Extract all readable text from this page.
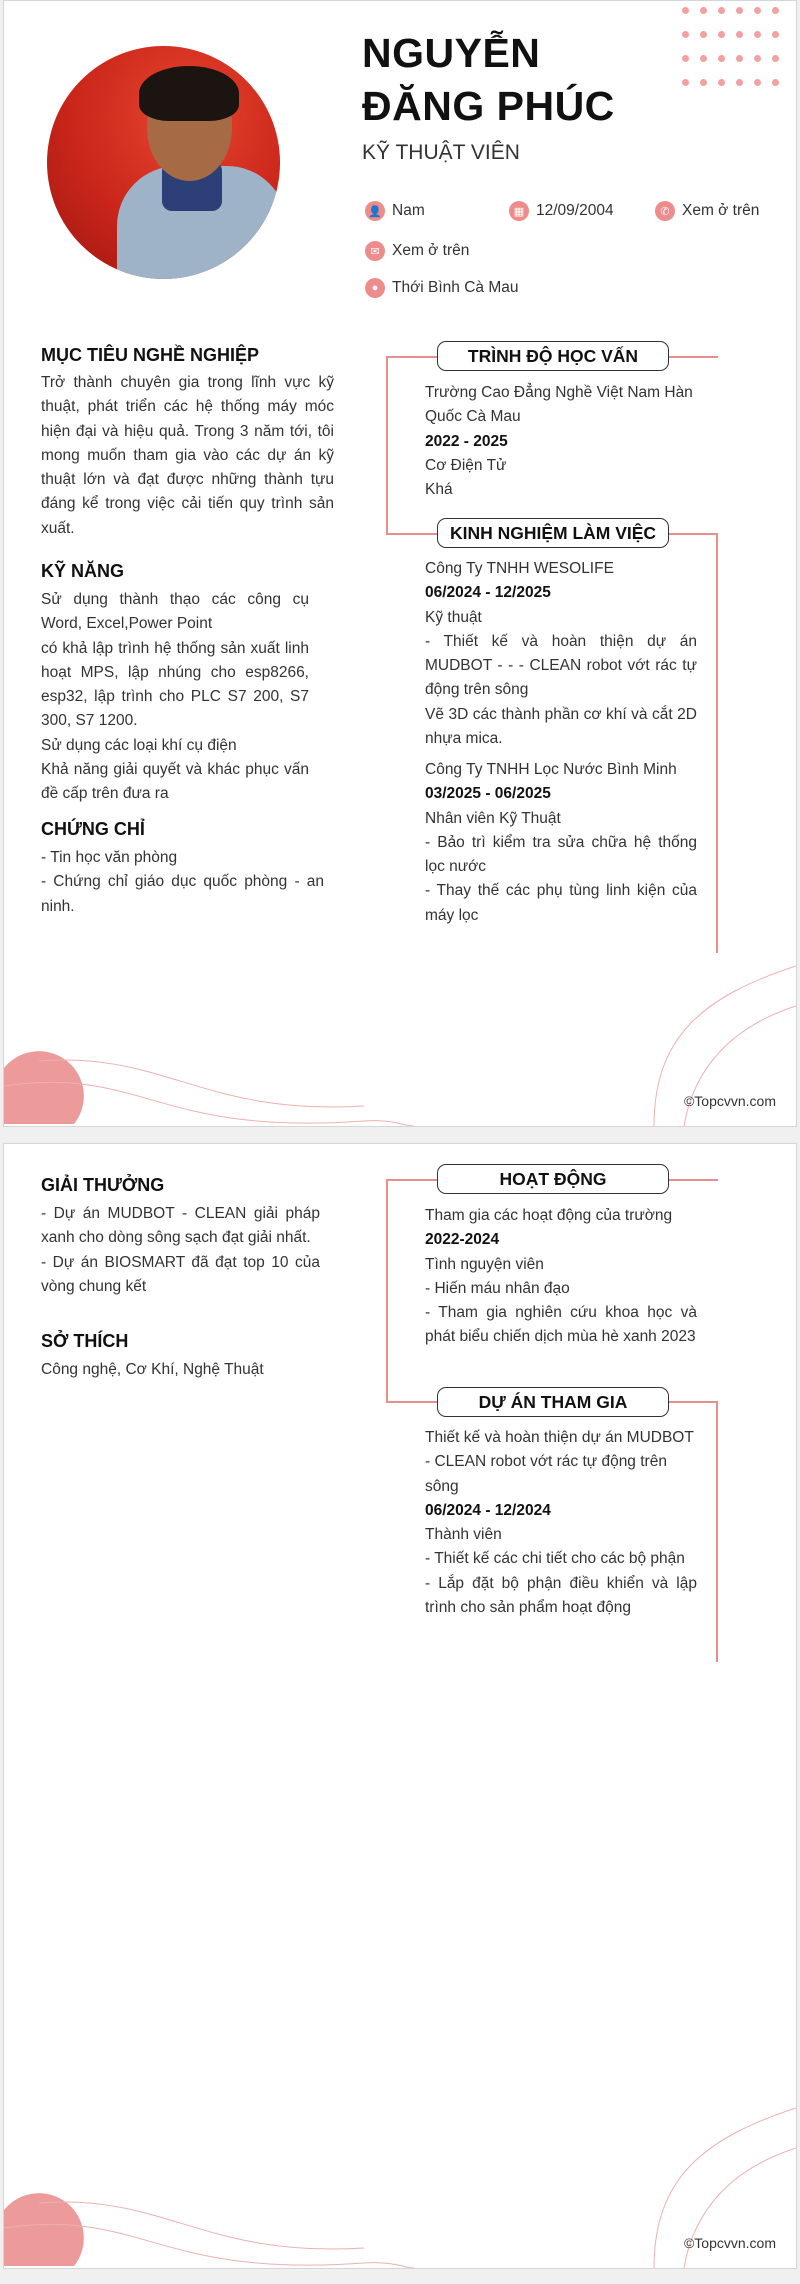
NGUYỄN
ĐĂNG PHÚC

KỸ THUẬT VIÊN

👤 Nam	▦ 12/09/2004	✆ Xem ở trên
✉ Xem ở trên
● Thới Bình Cà Mau
MỤC TIÊU NGHỀ NGHIỆP

Trở thành chuyên gia trong lĩnh vực kỹ thuật, phát triển các hệ thống máy móc hiện đại và hiệu quả. Trong 3 năm tới, tôi mong muốn tham gia vào các dự án kỹ thuật lớn và đạt được những thành tựu đáng kể trong việc cải tiến quy trình sản xuất.

KỸ NĂNG

Sử dụng thành thạo các công cụ Word, Excel,Power Point

có khả lập trình hệ thống sản xuất linh hoạt MPS, lập nhúng cho esp8266, esp32, lập trình cho PLC S7 200, S7 300, S7 1200.

Sử dụng các loại khí cụ điện

Khả năng giải quyết và khác phục vấn đề cấp trên đưa ra

CHỨNG CHỈ

- Tin học văn phòng

- Chứng chỉ giáo dục quốc phòng - an ninh.

TRÌNH ĐỘ HỌC VẤN

Trường Cao Đẳng Nghề Việt Nam Hàn Quốc Cà Mau

2022 - 2025

Cơ Điện Tử

Khá

KINH NGHIỆM LÀM VIỆC

Công Ty TNHH WESOLIFE

06/2024 - 12/2025

Kỹ thuật

- Thiết kế và hoàn thiện dự án MUDBOT - - - CLEAN robot vớt rác tự động trên sông

Vẽ 3D các thành phần cơ khí và cắt 2D nhựa mica.

Công Ty TNHH Lọc Nước Bình Minh

03/2025 - 06/2025

Nhân viên Kỹ Thuật

- Bảo trì kiểm tra sửa chữa hệ thống lọc nước

- Thay thế các phụ tùng linh kiện của máy lọc

©Topcvvn.com
GIẢI THƯỞNG

- Dự án MUDBOT - CLEAN giải pháp xanh cho dòng sông sạch đạt giải nhất.

- Dự án BIOSMART đã đạt top 10 của vòng chung kết

SỞ THÍCH

Công nghệ, Cơ Khí, Nghệ Thuật

HOẠT ĐỘNG

Tham gia các hoạt động của trường

2022-2024

Tình nguyện viên

- Hiến máu nhân đạo

- Tham gia nghiên cứu khoa học và phát biểu chiến dịch mùa hè xanh 2023

DỰ ÁN THAM GIA

Thiết kế và hoàn thiện dự án MUDBOT - CLEAN robot vớt rác tự động trên sông

06/2024 - 12/2024

Thành viên

- Thiết kế các chi tiết cho các bộ phận

- Lắp đặt bộ phận điều khiển và lập trình cho sản phẩm hoạt động

©Topcvvn.com
